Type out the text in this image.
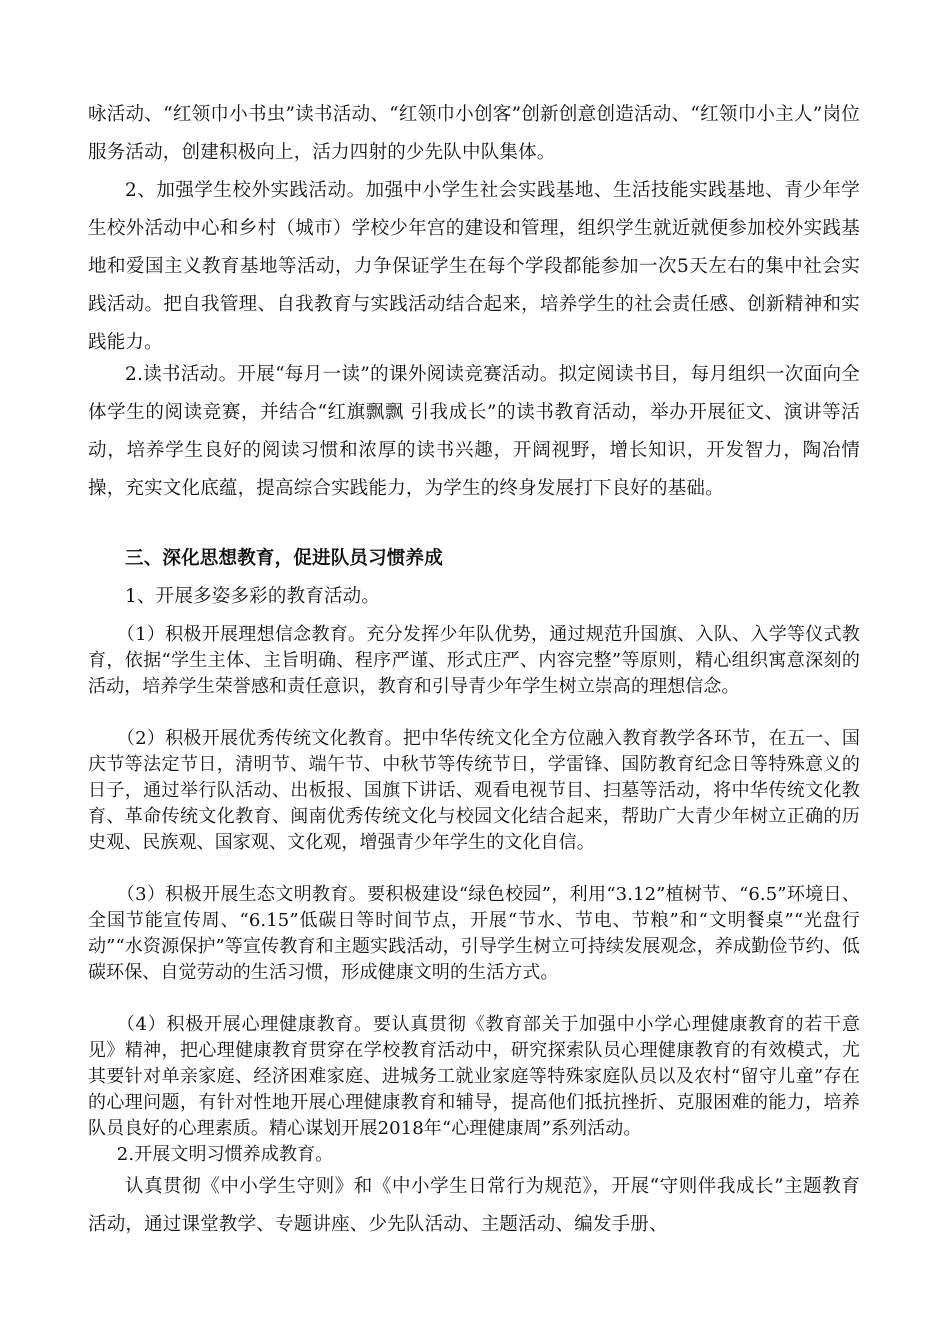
咏活动、“红领巾小书虫”读书活动、“红领巾小创客”创新创意创造活动、“红领巾小主人”岗位服务活动，创建积极向上，活力四射的少先队中队集体。

2、加强学生校外实践活动。加强中小学生社会实践基地、生活技能实践基地、青少年学生校外活动中心和乡村（城市）学校少年宫的建设和管理，组织学生就近就便参加校外实践基地和爱国主义教育基地等活动，力争保证学生在每个学段都能参加一次5天左右的集中社会实践活动。把自我管理、自我教育与实践活动结合起来，培养学生的社会责任感、创新精神和实践能力。

2.读书活动。开展“每月一读”的课外阅读竞赛活动。拟定阅读书目，每月组织一次面向全体学生的阅读竞赛，并结合“红旗飘飘 引我成长”的读书教育活动，举办开展征文、演讲等活动，培养学生良好的阅读习惯和浓厚的读书兴趣，开阔视野，增长知识，开发智力，陶冶情操，充实文化底蕴，提高综合实践能力，为学生的终身发展打下良好的基础。

三、深化思想教育，促进队员习惯养成

1、开展多姿多彩的教育活动。

（1）积极开展理想信念教育。充分发挥少年队优势，通过规范升国旗、入队、入学等仪式教育，依据“学生主体、主旨明确、程序严谨、形式庄严、内容完整”等原则，精心组织寓意深刻的活动，培养学生荣誉感和责任意识，教育和引导青少年学生树立崇高的理想信念。

（2）积极开展优秀传统文化教育。把中华传统文化全方位融入教育教学各环节，在五一、国庆节等法定节日，清明节、端午节、中秋节等传统节日，学雷锋、国防教育纪念日等特殊意义的日子，通过举行队活动、出板报、国旗下讲话、观看电视节目、扫墓等活动，将中华传统文化教育、革命传统文化教育、闽南优秀传统文化与校园文化结合起来，帮助广大青少年树立正确的历史观、民族观、国家观、文化观，增强青少年学生的文化自信。

（3）积极开展生态文明教育。要积极建设“绿色校园”，利用“3.12”植树节、“6.5”环境日、全国节能宣传周、“6.15”低碳日等时间节点，开展“节水、节电、节粮”和“文明餐桌”“光盘行动”“水资源保护”等宣传教育和主题实践活动，引导学生树立可持续发展观念，养成勤俭节约、低碳环保、自觉劳动的生活习惯，形成健康文明的生活方式。

（4）积极开展心理健康教育。要认真贯彻《教育部关于加强中小学心理健康教育的若干意见》精神，把心理健康教育贯穿在学校教育活动中，研究探索队员心理健康教育的有效模式，尤其要针对单亲家庭、经济困难家庭、进城务工就业家庭等特殊家庭队员以及农村“留守儿童”存在的心理问题，有针对性地开展心理健康教育和辅导，提高他们抵抗挫折、克服困难的能力，培养队员良好的心理素质。精心谋划开展2018年“心理健康周”系列活动。

2.开展文明习惯养成教育。

认真贯彻《中小学生守则》和《中小学生日常行为规范》，开展“守则伴我成长”主题教育活动，通过课堂教学、专题讲座、少先队活动、主题活动、编发手册、
